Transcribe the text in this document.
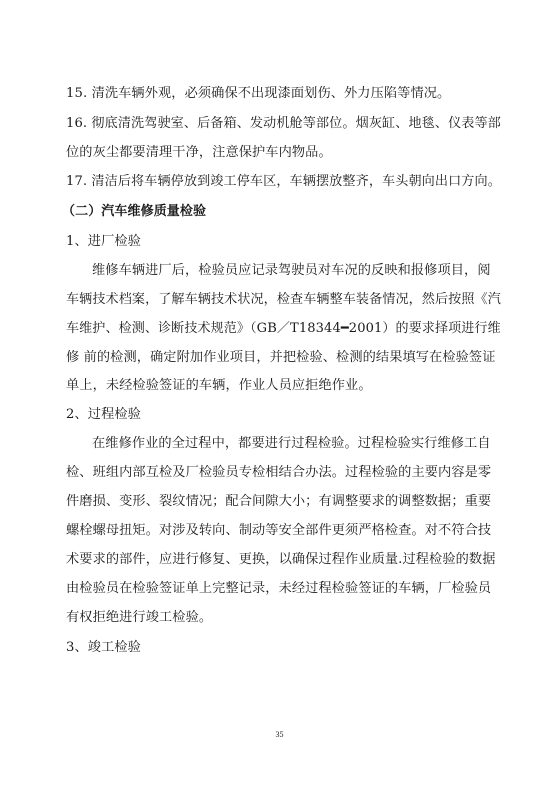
15. 清洗车辆外观，必须确保不出现漆面划伤、外力压陷等情况。
16. 彻底清洗驾驶室、后备箱、发动机舱等部位。烟灰缸、地毯、仪表等部
位的灰尘都要清理干净，注意保护车内物品。
17. 清洁后将车辆停放到竣工停车区，车辆摆放整齐，车头朝向出口方向。
（二）汽车维修质量检验
1、进厂检验
维修车辆进厂后，检验员应记录驾驶员对车况的反映和报修项目，阅
车辆技术档案，了解车辆技术状况，检查车辆整车装备情况，然后按照《汽
车维护、检测、诊断技术规范》（GB／T18344━2001）的要求择项进行维
修 前的检测，确定附加作业项目，并把检验、检测的结果填写在检验签证
单上，未经检验签证的车辆，作业人员应拒绝作业。
2、过程检验
在维修作业的全过程中，都要进行过程检验。过程检验实行维修工自
检、班组内部互检及厂检验员专检相结合办法。过程检验的主要内容是零
件磨损、变形、裂纹情况；配合间隙大小；有调整要求的调整数据；重要
螺栓螺母扭矩。对涉及转向、制动等安全部件更须严格检查。对不符合技
术要求的部件，应进行修复、更换，以确保过程作业质量.过程检验的数据
由检验员在检验签证单上完整记录，未经过程检验签证的车辆，厂检验员
有权拒绝进行竣工检验。
3、竣工检验
35
